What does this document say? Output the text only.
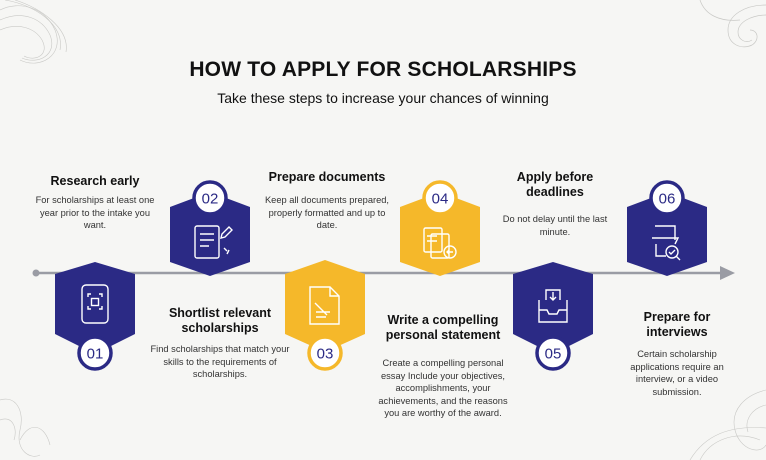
01
02
03
04
05
06
HOW TO APPLY FOR SCHOLARSHIPS
Take these steps to increase your chances of winning
Research early
For scholarships at least one year prior to the intake you want.
Shortlist relevant scholarships
Find scholarships that match your skills to the requirements of scholarships.
Prepare documents
Keep all documents prepared, properly formatted and up to date.
Write a compelling personal statement
Create a compelling personal essay Include your objectives, accomplishments, your achievements, and the reasons you are worthy of the award.
Apply before deadlines
Do not delay until the last minute.
Prepare for interviews
Certain scholarship applications require an interview, or a video submission.
